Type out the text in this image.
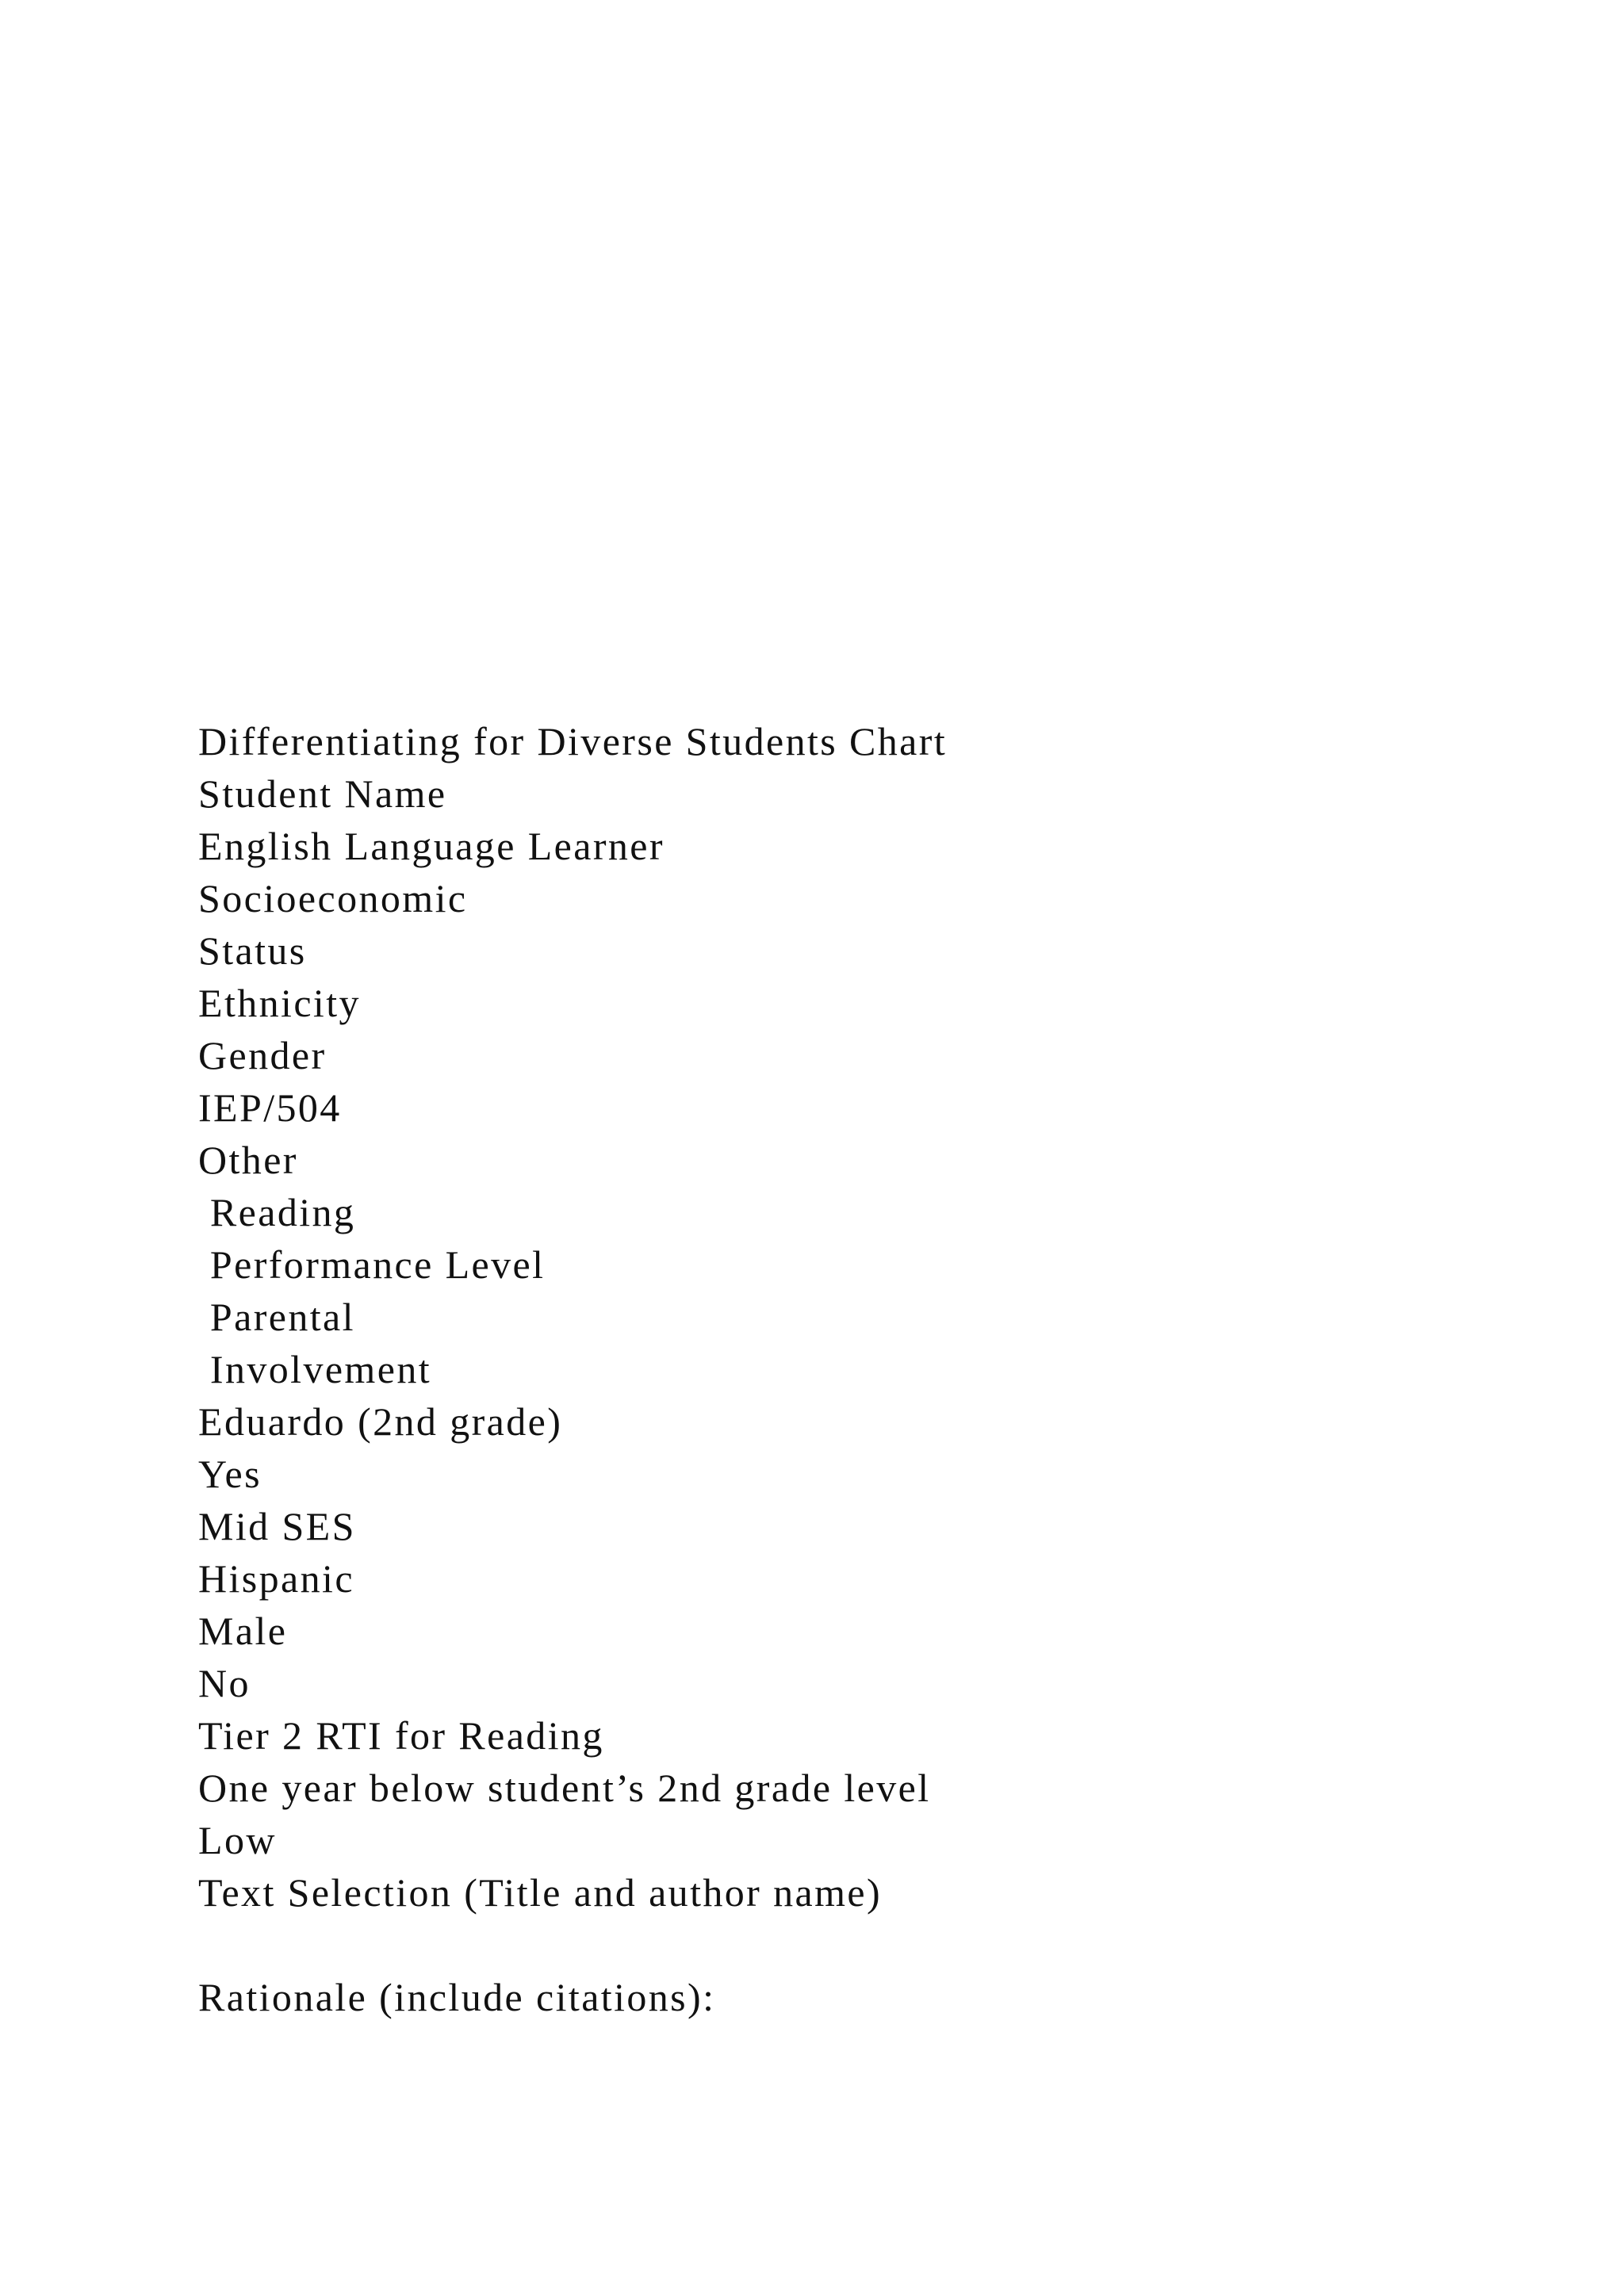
Differentiating for Diverse Students Chart
Student Name
English Language Learner
Socioeconomic
Status
Ethnicity
Gender
IEP/504
Other
Reading
Performance Level
Parental
Involvement
Eduardo (2nd grade)
Yes
Mid SES
Hispanic
Male
No
Tier 2 RTI for Reading
One year below student’s 2nd grade level
Low
Text Selection (Title and author name)
Rationale (include citations):
